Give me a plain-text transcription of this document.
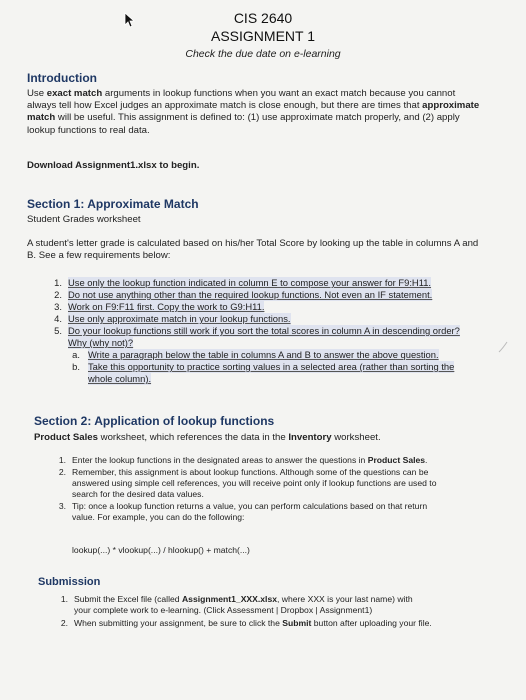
CIS 2640
ASSIGNMENT 1
Check the due date on e-learning
Introduction
Use exact match arguments in lookup functions when you want an exact match because you cannot
always tell how Excel judges an approximate match is close enough, but there are times that approximate
match will be useful. This assignment is defined to: (1) use approximate match properly, and (2) apply
lookup functions to real data.
Download Assignment1.xlsx to begin.
Section 1: Approximate Match
Student Grades worksheet
A student's letter grade is calculated based on his/her Total Score by looking up the table in columns A and
B. See a few requirements below:
1. Use only the lookup function indicated in column E to compose your answer for F9:H11.
2. Do not use anything other than the required lookup functions. Not even an IF statement.
3. Work on F9:F11 first. Copy the work to G9:H11.
4. Use only approximate match in your lookup functions.
5. Do your lookup functions still work if you sort the total scores in column A in descending order?
Why (why not)?
a. Write a paragraph below the table in columns A and B to answer the above question.
b. Take this opportunity to practice sorting values in a selected area (rather than sorting the
whole column).
Section 2: Application of lookup functions
Product Sales worksheet, which references the data in the Inventory worksheet.
1. Enter the lookup functions in the designated areas to answer the questions in Product Sales.
2. Remember, this assignment is about lookup functions. Although some of the questions can be
answered using simple cell references, you will receive point only if lookup functions are used to
search for the desired data values.
3. Tip: once a lookup function returns a value, you can perform calculations based on that return
value. For example, you can do the following:
lookup(...) * vlookup(...) / hlookup() + match(...)
Submission
1. Submit the Excel file (called Assignment1_XXX.xlsx, where XXX is your last name) with
your complete work to e-learning. (Click Assessment | Dropbox | Assignment1)
2. When submitting your assignment, be sure to click the Submit button after uploading your file.
